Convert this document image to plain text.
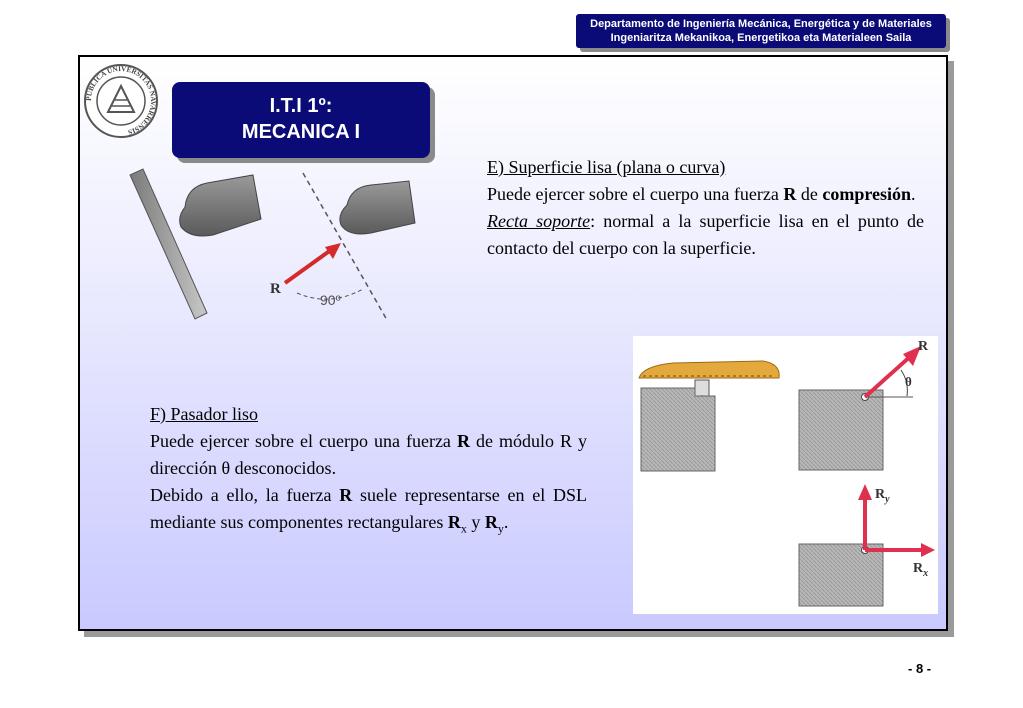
Departamento de Ingeniería Mecánica, Energética y de Materiales
Ingeniaritza Mekanikoa, Energetikoa eta Materialeen Saila
PUBLICA UNIVERSITAS NAVARRENSIS
I.T.I 1º:
MECANICA I
R
90º
R
θ
$R_y$
$R_x$

E) Superficie lisa (plana o curva)

Puede ejercer sobre el cuerpo una fuerza R de compresión.

Recta soporte: normal a la superficie lisa en el punto de contacto del cuerpo con la superficie.

F) Pasador liso

Puede ejercer sobre el cuerpo una fuerza R de módulo R y dirección θ desconocidos.

Debido a ello, la fuerza R suele representarse en el DSL mediante sus componentes rectangulares $R_x$ y $R_y$.

- 8 -
